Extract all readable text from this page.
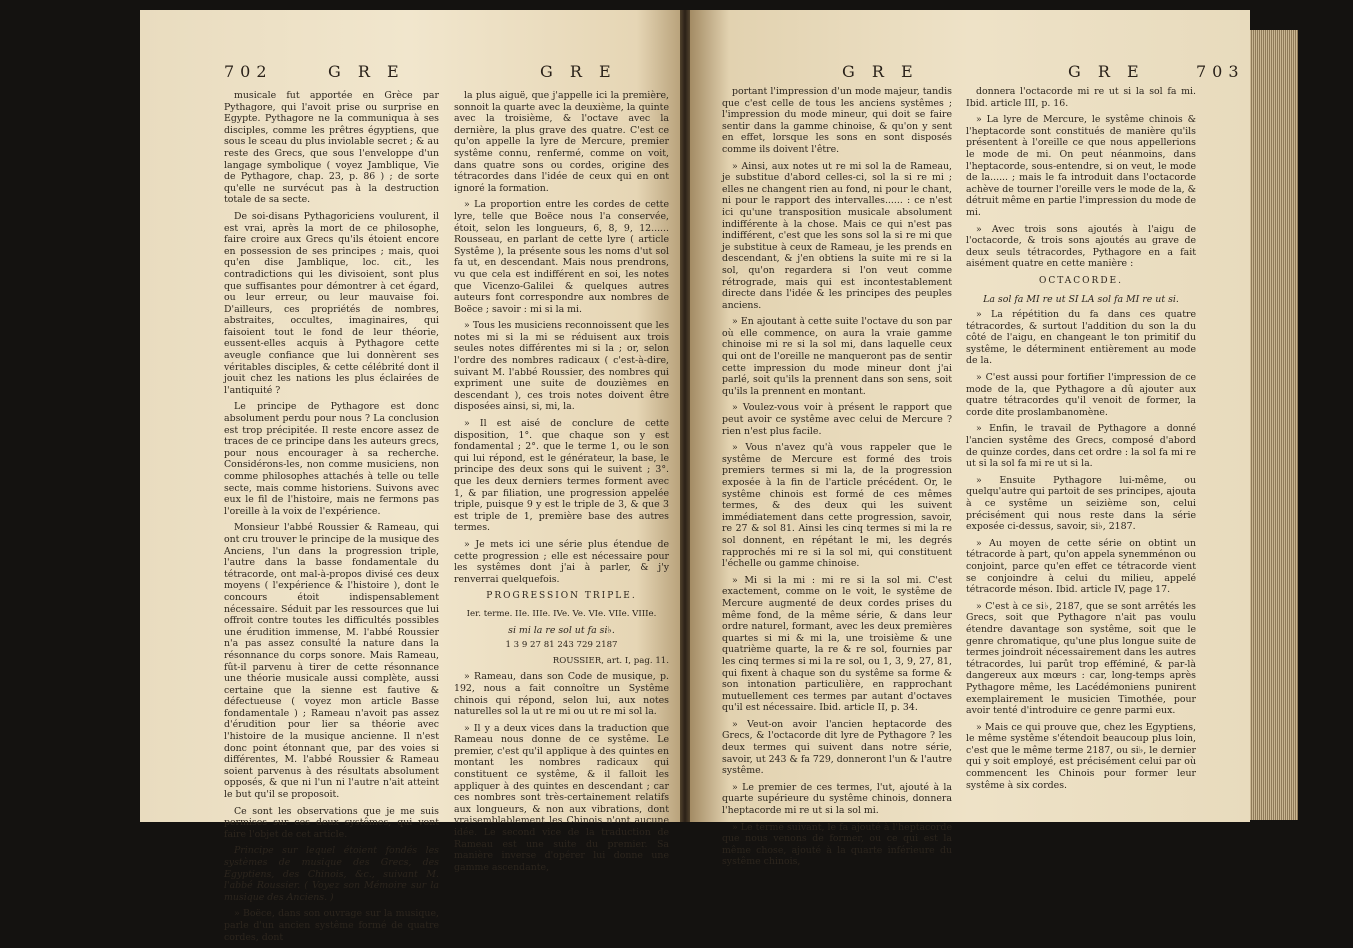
702	G R E	G R E

musicale fut apportée en Grèce par Pythagore, qui l'avoit prise ou surprise en Egypte. Pythagore ne la communiqua à ses disciples, comme les prêtres égyptiens, que sous le sceau du plus inviolable secret ; & au reste des Grecs, que sous l'enveloppe d'un langage symbolique ( voyez Jamblique, Vie de Pythagore, chap. 23, p. 86 ) ; de sorte qu'elle ne survécut pas à la destruction totale de sa secte.

De soi-disans Pythagoriciens voulurent, il est vrai, après la mort de ce philosophe, faire croire aux Grecs qu'ils étoient encore en possession de ses principes ; mais, quoi qu'en dise Jamblique, loc. cit., les contradictions qui les divisoient, sont plus que suffisantes pour démontrer à cet égard, ou leur erreur, ou leur mauvaise foi. D'ailleurs, ces propriétés de nombres, abstraites, occultes, imaginaires, qui faisoient tout le fond de leur théorie, eussent-elles acquis à Pythagore cette aveugle confiance que lui donnèrent ses véritables disciples, & cette célébrité dont il jouit chez les nations les plus éclairées de l'antiquité ?

Le principe de Pythagore est donc absolument perdu pour nous ? La conclusion est trop précipitée. Il reste encore assez de traces de ce principe dans les auteurs grecs, pour nous encourager à sa recherche. Considérons-les, non comme musiciens, non comme philosophes attachés à telle ou telle secte, mais comme historiens. Suivons avec eux le fil de l'histoire, mais ne fermons pas l'oreille à la voix de l'expérience.

Monsieur l'abbé Roussier & Rameau, qui ont cru trouver le principe de la musique des Anciens, l'un dans la progression triple, l'autre dans la basse fondamentale du tétracorde, ont mal-à-propos divisé ces deux moyens ( l'expérience & l'histoire ), dont le concours étoit indispensablement nécessaire. Séduit par les ressources que lui offroit contre toutes les difficultés possibles une érudition immense, M. l'abbé Roussier n'a pas assez consulté la nature dans la résonnance du corps sonore. Mais Rameau, fût-il parvenu à tirer de cette résonnance une théorie musicale aussi complète, aussi certaine que la sienne est fautive & défectueuse ( voyez mon article Basse fondamentale ) ; Rameau n'avoit pas assez d'érudition pour lier sa théorie avec l'histoire de la musique ancienne. Il n'est donc point étonnant que, par des voies si différentes, M. l'abbé Roussier & Rameau soient parvenus à des résultats absolument opposés, & que ni l'un ni l'autre n'ait atteint le but qu'il se proposoit.

Ce sont les observations que je me suis permises sur ces deux systêmes, qui vont faire l'objet de cet article.

Principe sur lequel étoient fondés les systèmes de musique des Grecs, des Egyptiens, des Chinois, &c., suivant M. l'abbé Roussier. ( Voyez son Mémoire sur la musique des Anciens. )

» Boëce, dans son ouvrage sur la musique, parle d'un ancien systême formé de quatre cordes, dont

la plus aiguë, que j'appelle ici la première, sonnoit la quarte avec la deuxième, la quinte avec la troisième, & l'octave avec la dernière, la plus grave des quatre. C'est ce qu'on appelle la lyre de Mercure, premier systême connu, renfermé, comme on voit, dans quatre sons ou cordes, origine des tétracordes dans l'idée de ceux qui en ont ignoré la formation.

» La proportion entre les cordes de cette lyre, telle que Boëce nous l'a conservée, étoit, selon les longueurs, 6, 8, 9, 12...... Rousseau, en parlant de cette lyre ( article Systême ), la présente sous les noms d'ut sol fa ut, en descendant. Mais nous prendrons, vu que cela est indifférent en soi, les notes que Vicenzo-Galilei & quelques autres auteurs font correspondre aux nombres de Boëce ; savoir : mi si la mi.

» Tous les musiciens reconnoissent que les notes mi si la mi se réduisent aux trois seules notes différentes mi si la ; or, selon l'ordre des nombres radicaux ( c'est-à-dire, suivant M. l'abbé Roussier, des nombres qui expriment une suite de douzièmes en descendant ), ces trois notes doivent être disposées ainsi, si, mi, la.

» Il est aisé de conclure de cette disposition, 1°. que chaque son y est fondamental ; 2°. que le terme 1, ou le son qui lui répond, est le générateur, la base, le principe des deux sons qui le suivent ; 3°. que les deux derniers termes forment avec 1, & par filiation, une progression appelée triple, puisque 9 y est le triple de 3, & que 3 est triple de 1, première base des autres termes.

» Je mets ici une série plus étendue de cette progression ; elle est nécessaire pour les systêmes dont j'ai à parler, & j'y renverrai quelquefois.

PROGRESSION TRIPLE.
Ier. terme. IIe. IIIe. IVe. Ve. VIe. VIIe. VIIIe.
si mi la re sol ut fa si♭.
1 3 9 27 81 243 729 2187
ROUSSIER, art. I, pag. 11.

» Rameau, dans son Code de musique, p. 192, nous a fait connoître un Systême chinois qui répond, selon lui, aux notes naturelles sol la ut re mi ou ut re mi sol la.

» Il y a deux vices dans la traduction que Rameau nous donne de ce systême. Le premier, c'est qu'il applique à des quintes en montant les nombres radicaux qui constituent ce systême, & il falloit les appliquer à des quintes en descendant ; car ces nombres sont très-certainement relatifs aux longueurs, & non aux vibrations, dont vraisemblablement les Chinois n'ont aucune idée. Le second vice de la traduction de Rameau est une suite du premier. Sa manière inverse d'opérer lui donne une gamme ascendante,

G R E	G R E	703

portant l'impression d'un mode majeur, tandis que c'est celle de tous les anciens systêmes ; l'impression du mode mineur, qui doit se faire sentir dans la gamme chinoise, & qu'on y sent en effet, lorsque les sons en sont disposés comme ils doivent l'être.

» Ainsi, aux notes ut re mi sol la de Rameau, je substitue d'abord celles-ci, sol la si re mi ; elles ne changent rien au fond, ni pour le chant, ni pour le rapport des intervalles...... : ce n'est ici qu'une transposition musicale absolument indifférente à la chose. Mais ce qui n'est pas indifférent, c'est que les sons sol la si re mi que je substitue à ceux de Rameau, je les prends en descendant, & j'en obtiens la suite mi re si la sol, qu'on regardera si l'on veut comme rétrograde, mais qui est incontestablement directe dans l'idée & les principes des peuples anciens.

» En ajoutant à cette suite l'octave du son par où elle commence, on aura la vraie gamme chinoise mi re si la sol mi, dans laquelle ceux qui ont de l'oreille ne manqueront pas de sentir cette impression du mode mineur dont j'ai parlé, soit qu'ils la prennent dans son sens, soit qu'ils la prennent en montant.

» Voulez-vous voir à présent le rapport que peut avoir ce systême avec celui de Mercure ? rien n'est plus facile.

» Vous n'avez qu'à vous rappeler que le systême de Mercure est formé des trois premiers termes si mi la, de la progression exposée à la fin de l'article précédent. Or, le systême chinois est formé de ces mêmes termes, & des deux qui les suivent immédiatement dans cette progression, savoir, re 27 & sol 81. Ainsi les cinq termes si mi la re sol donnent, en répétant le mi, les degrés rapprochés mi re si la sol mi, qui constituent l'échelle ou gamme chinoise.

» Mi si la mi : mi re si la sol mi. C'est exactement, comme on le voit, le systême de Mercure augmenté de deux cordes prises du même fond, de la même série, & dans leur ordre naturel, formant, avec les deux premières quartes si mi & mi la, une troisième & une quatrième quarte, la re & re sol, fournies par les cinq termes si mi la re sol, ou 1, 3, 9, 27, 81, qui fixent à chaque son du systême sa forme & son intonation particulière, en rapprochant mutuellement ces termes par autant d'octaves qu'il est nécessaire. Ibid. article II, p. 34.

» Veut-on avoir l'ancien heptacorde des Grecs, & l'octacorde dit lyre de Pythagore ? les deux termes qui suivent dans notre série, savoir, ut 243 & fa 729, donneront l'un & l'autre systême.

» Le premier de ces termes, l'ut, ajouté à la quarte supérieure du systême chinois, donnera l'heptacorde mi re ut si la sol mi.

» Le terme suivant, le fa ajouté à l'heptacorde que nous venons de former, ou ce qui est la même chose, ajouté à la quarte inférieure du systême chinois,

donnera l'octacorde mi re ut si la sol fa mi. Ibid. article III, p. 16.

» La lyre de Mercure, le systême chinois & l'heptacorde sont constitués de manière qu'ils présentent à l'oreille ce que nous appellerions le mode de mi. On peut néanmoins, dans l'heptacorde, sous-entendre, si on veut, le mode de la...... ; mais le fa introduit dans l'octacorde achève de tourner l'oreille vers le mode de la, & détruit même en partie l'impression du mode de mi.

» Avec trois sons ajoutés à l'aigu de l'octacorde, & trois sons ajoutés au grave de deux seuls tétracordes, Pythagore en a fait aisément quatre en cette manière :

OCTACORDE.
La sol fa MI re ut SI LA sol fa MI re ut si.

» La répétition du fa dans ces quatre tétracordes, & surtout l'addition du son la du côté de l'aigu, en changeant le ton primitif du systême, le déterminent entièrement au mode de la.

» C'est aussi pour fortifier l'impression de ce mode de la, que Pythagore a dû ajouter aux quatre tétracordes qu'il venoit de former, la corde dite proslambanomène.

» Enfin, le travail de Pythagore a donné l'ancien systême des Grecs, composé d'abord de quinze cordes, dans cet ordre : la sol fa mi re ut si la sol fa mi re ut si la.

» Ensuite Pythagore lui-même, ou quelqu'autre qui partoit de ses principes, ajouta à ce systême un seizième son, celui précisément qui nous reste dans la série exposée ci-dessus, savoir, si♭, 2187.

» Au moyen de cette série on obtint un tétracorde à part, qu'on appela synemménon ou conjoint, parce qu'en effet ce tétracorde vient se conjoindre à celui du milieu, appelé tétracorde méson. Ibid. article IV, page 17.

» C'est à ce si♭, 2187, que se sont arrêtés les Grecs, soit que Pythagore n'ait pas voulu étendre davantage son systême, soit que le genre chromatique, qu'une plus longue suite de termes joindroit nécessairement dans les autres tétracordes, lui parût trop efféminé, & par-là dangereux aux mœurs : car, long-temps après Pythagore même, les Lacédémoniens punirent exemplairement le musicien Timothée, pour avoir tenté d'introduire ce genre parmi eux.

» Mais ce qui prouve que, chez les Egyptiens, le même systême s'étendoit beaucoup plus loin, c'est que le même terme 2187, ou si♭, le dernier qui y soit employé, est précisément celui par où commencent les Chinois pour former leur systême à six cordes.
